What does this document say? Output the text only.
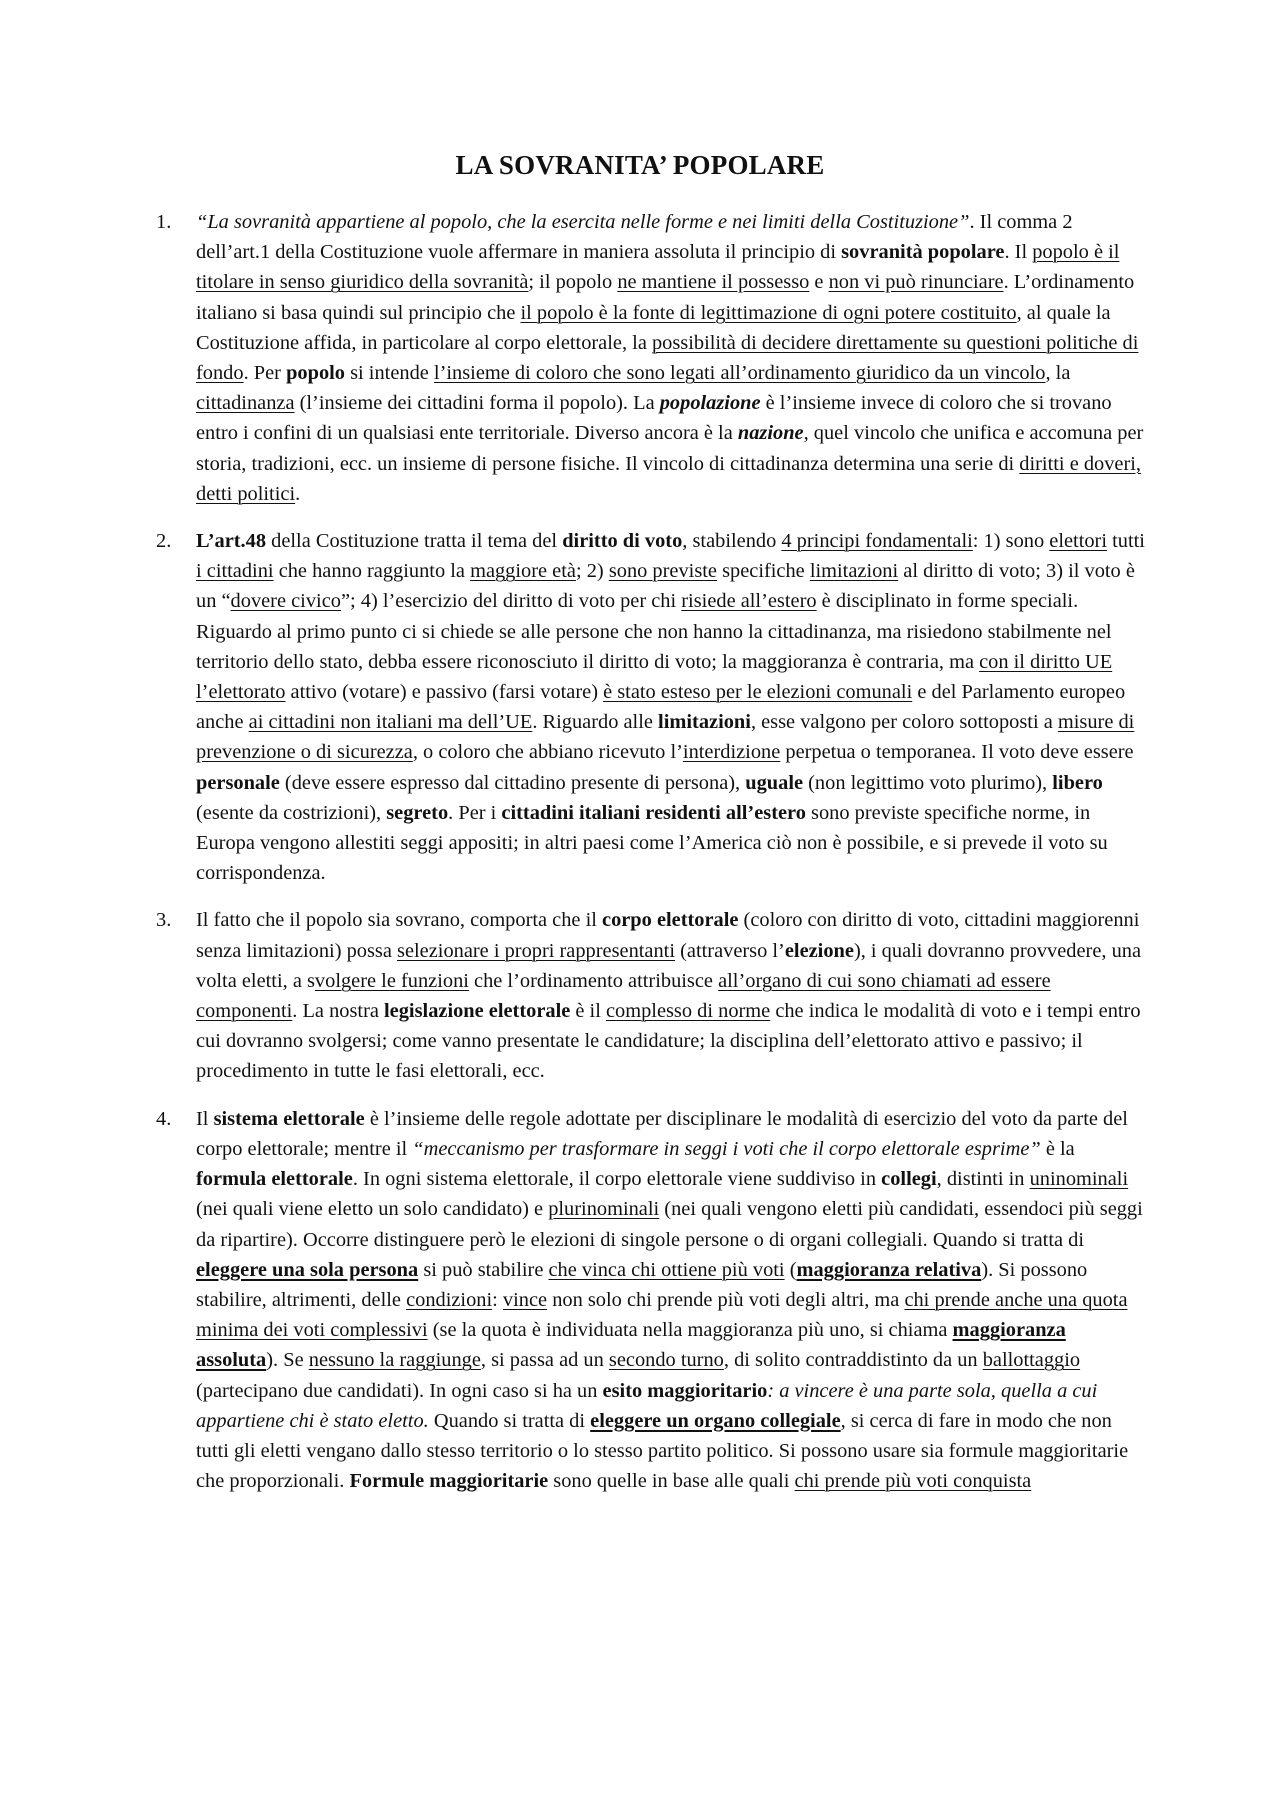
LA SOVRANITA’ POPOLARE
1. “La sovranità appartiene al popolo, che la esercita nelle forme e nei limiti della Costituzione”. Il comma 2 dell’art.1 della Costituzione vuole affermare in maniera assoluta il principio di sovranità popolare. Il popolo è il titolare in senso giuridico della sovranità; il popolo ne mantiene il possesso e non vi può rinunciare. L’ordinamento italiano si basa quindi sul principio che il popolo è la fonte di legittimazione di ogni potere costituito, al quale la Costituzione affida, in particolare al corpo elettorale, la possibilità di decidere direttamente su questioni politiche di fondo. Per popolo si intende l’insieme di coloro che sono legati all’ordinamento giuridico da un vincolo, la cittadinanza (l’insieme dei cittadini forma il popolo). La popolazione è l’insieme invece di coloro che si trovano entro i confini di un qualsiasi ente territoriale. Diverso ancora è la nazione, quel vincolo che unifica e accomuna per storia, tradizioni, ecc. un insieme di persone fisiche. Il vincolo di cittadinanza determina una serie di diritti e doveri, detti politici.

2. L’art.48 della Costituzione tratta il tema del diritto di voto, stabilendo 4 principi fondamentali: 1) sono elettori tutti i cittadini che hanno raggiunto la maggiore età; 2) sono previste specifiche limitazioni al diritto di voto; 3) il voto è un “dovere civico”; 4) l’esercizio del diritto di voto per chi risiede all’estero è disciplinato in forme speciali. Riguardo al primo punto ci si chiede se alle persone che non hanno la cittadinanza, ma risiedono stabilmente nel territorio dello stato, debba essere riconosciuto il diritto di voto; la maggioranza è contraria, ma con il diritto UE l’elettorato attivo (votare) e passivo (farsi votare) è stato esteso per le elezioni comunali e del Parlamento europeo anche ai cittadini non italiani ma dell’UE. Riguardo alle limitazioni, esse valgono per coloro sottoposti a misure di prevenzione o di sicurezza, o coloro che abbiano ricevuto l’interdizione perpetua o temporanea. Il voto deve essere personale (deve essere espresso dal cittadino presente di persona), uguale (non legittimo voto plurimo), libero (esente da costrizioni), segreto. Per i cittadini italiani residenti all’estero sono previste specifiche norme, in Europa vengono allestiti seggi appositi; in altri paesi come l’America ciò non è possibile, e si prevede il voto su corrispondenza.

3. Il fatto che il popolo sia sovrano, comporta che il corpo elettorale (coloro con diritto di voto, cittadini maggiorenni senza limitazioni) possa selezionare i propri rappresentanti (attraverso l’elezione), i quali dovranno provvedere, una volta eletti, a svolgere le funzioni che l’ordinamento attribuisce all’organo di cui sono chiamati ad essere componenti. La nostra legislazione elettorale è il complesso di norme che indica le modalità di voto e i tempi entro cui dovranno svolgersi; come vanno presentate le candidature; la disciplina dell’elettorato attivo e passivo; il procedimento in tutte le fasi elettorali, ecc.

4. Il sistema elettorale è l’insieme delle regole adottate per disciplinare le modalità di esercizio del voto da parte del corpo elettorale; mentre il “meccanismo per trasformare in seggi i voti che il corpo elettorale esprime” è la formula elettorale. In ogni sistema elettorale, il corpo elettorale viene suddiviso in collegi, distinti in uninominali (nei quali viene eletto un solo candidato) e plurinominali (nei quali vengono eletti più candidati, essendoci più seggi da ripartire). Occorre distinguere però le elezioni di singole persone o di organi collegiali. Quando si tratta di eleggere una sola persona si può stabilire che vinca chi ottiene più voti (maggioranza relativa). Si possono stabilire, altrimenti, delle condizioni: vince non solo chi prende più voti degli altri, ma chi prende anche una quota minima dei voti complessivi (se la quota è individuata nella maggioranza più uno, si chiama maggioranza assoluta). Se nessuno la raggiunge, si passa ad un secondo turno, di solito contraddistinto da un ballottaggio (partecipano due candidati). In ogni caso si ha un esito maggioritario: a vincere è una parte sola, quella a cui appartiene chi è stato eletto. Quando si tratta di eleggere un organo collegiale, si cerca di fare in modo che non tutti gli eletti vengano dallo stesso territorio o lo stesso partito politico. Si possono usare sia formule maggioritarie che proporzionali. Formule maggioritarie sono quelle in base alle quali chi prende più voti conquista
